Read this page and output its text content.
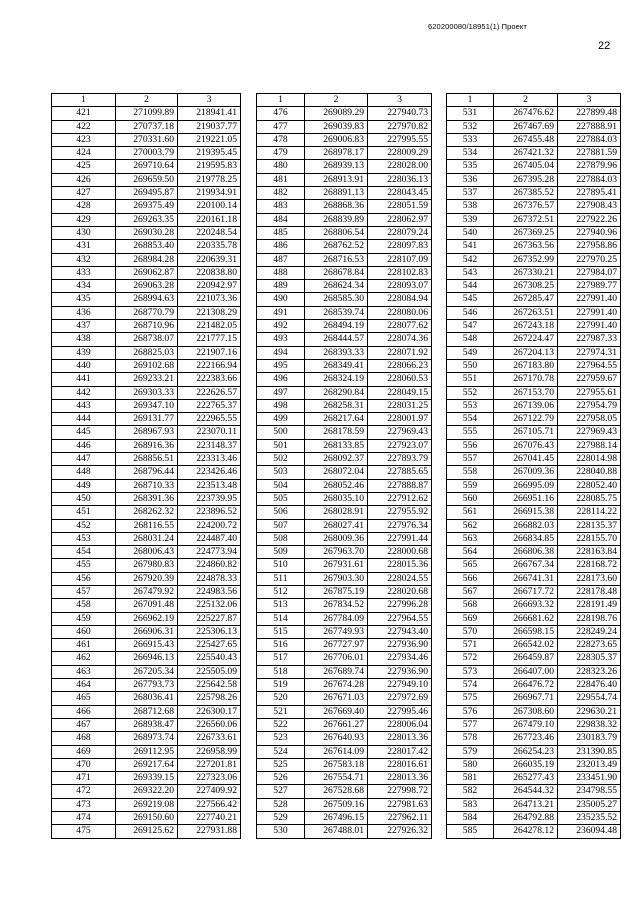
620200080/18951(1) Проект
22
1	2	3
421	271099.89	218941.41
422	270737.18	219037.77
423	270331.60	219221.05
424	270003.79	219395.45
425	269710.64	219595.83
426	269659.50	219778.25
427	269495.87	219934.91
428	269375.49	220100.14
429	269263.35	220161.18
430	269030.28	220248.54
431	268853.40	220335.78
432	268984.28	220639.31
433	269062.87	220838.80
434	269063.28	220942.97
435	268994.63	221073.36
436	268770.79	221308.29
437	268710.96	221482.05
438	268738.07	221777.15
439	268825.03	221907.16
440	269102.68	222166.94
441	269233.21	222383.66
442	269303.33	222626.57
443	269347.10	222765.37
444	269131.77	222965.55
445	268967.93	223070.11
446	268916.36	223148.37
447	268856.51	223313.46
448	268796.44	223426.46
449	268710.33	223513.48
450	268391.36	223739.95
451	268262.32	223896.52
452	268116.55	224200.72
453	268031.24	224487.40
454	268006.43	224773.94
455	267980.83	224860.82
456	267920.39	224878.33
457	267479.92	224983.56
458	267091.48	225132.06
459	266962.19	225227.87
460	266906.31	225306.13
461	266915.43	225427.65
462	266946.13	225540.43
463	267205.34	225505.09
464	267793.73	225642.58
465	268036.41	225798.26
466	268712.68	226300.17
467	268938.47	226560.06
468	268973.74	226733.61
469	269112.95	226958.99
470	269217.64	227201.81
471	269339.15	227323.06
472	269322.20	227409.92
473	269219.08	227566.42
474	269150.60	227740.21
475	269125.62	227931.88
1	2	3
476	269089.29	227940.73
477	269039.83	227970.82
478	269006.83	227995.55
479	268978.17	228009.29
480	268939.13	228028.00
481	268913.91	228036.13
482	268891.13	228043.45
483	268868.36	228051.59
484	268839.89	228062.97
485	268806.54	228079.24
486	268762.52	228097.83
487	268716.53	228107.09
488	268678.84	228102.83
489	268624.34	228093.07
490	268585.30	228084.94
491	268539.74	228080.06
492	268494.19	228077.62
493	268444.57	228074.36
494	268393.33	228071.92
495	268349.41	228066.23
496	268324.19	228060.53
497	268290.84	228049.15
498	268258.31	228031.25
499	268217.64	228001.97
500	268178.59	227969.43
501	268133.85	227923.07
502	268092.37	227893.79
503	268072.04	227885.65
504	268052.46	227888.87
505	268035.10	227912.62
506	268028.91	227955.92
507	268027.41	227976.34
508	268009.36	227991.44
509	267963.70	228000.68
510	267931.61	228015.36
511	267903.30	228024.55
512	267875.19	228020.68
513	267834.52	227996.28
514	267784.09	227964.55
515	267749.93	227943.40
516	267727.97	227936.90
517	267706.01	227934.46
518	267689.74	227936.90
519	267674.28	227949.10
520	267671.03	227972.69
521	267669.40	227995.46
522	267661.27	228006.04
523	267640.93	228013.36
524	267614.09	228017.42
525	267583.18	228016.61
526	267554.71	228013.36
527	267528.68	227998.72
528	267509.16	227981.63
529	267496.15	227962.11
530	267488.01	227926.32
1	2	3
531	267476.62	227899.48
532	267467.69	227888.91
533	267455.48	227884.03
534	267421.32	227881.59
535	267405.04	227879.96
536	267395.28	227884.03
537	267385.52	227895.41
538	267376.57	227908.43
539	267372.51	227922.26
540	267369.25	227940.96
541	267363.56	227958.86
542	267352.99	227970.25
543	267330.21	227984.07
544	267308.25	227989.77
545	267285.47	227991.40
546	267263.51	227991.40
547	267243.18	227991.40
548	267224.47	227987.33
549	267204.13	227974.31
550	267183.80	227964.55
551	267170.78	227959.67
552	267153.70	227955.61
553	267139.06	227954.79
554	267122.79	227958.05
555	267105.71	227969.43
556	267076.43	227988.14
557	267041.45	228014.98
558	267009.36	228040.88
559	266995.09	228052.40
560	266951.16	228085.75
561	266915.38	228114.22
562	266882.03	228135.37
563	266834.85	228155.70
564	266806.38	228163.84
565	266767.34	228168.72
566	266741.31	228173.60
567	266717.72	228178.48
568	266693.32	228191.49
569	266681.62	228198.76
570	266598.15	228249.24
571	266542.02	228273.65
572	266459.87	228305.37
573	266407.00	228323.26
574	266476.72	228476.40
575	266967.71	229554.74
576	267308.60	229630.21
577	267479.10	229838.32
578	267723.46	230183.79
579	266254.23	231390.85
580	266035.19	232013.49
581	265277.43	233451.90
582	264544.32	234798.55
583	264713.21	235005.27
584	264792.88	235235.52
585	264278.12	236094.48
